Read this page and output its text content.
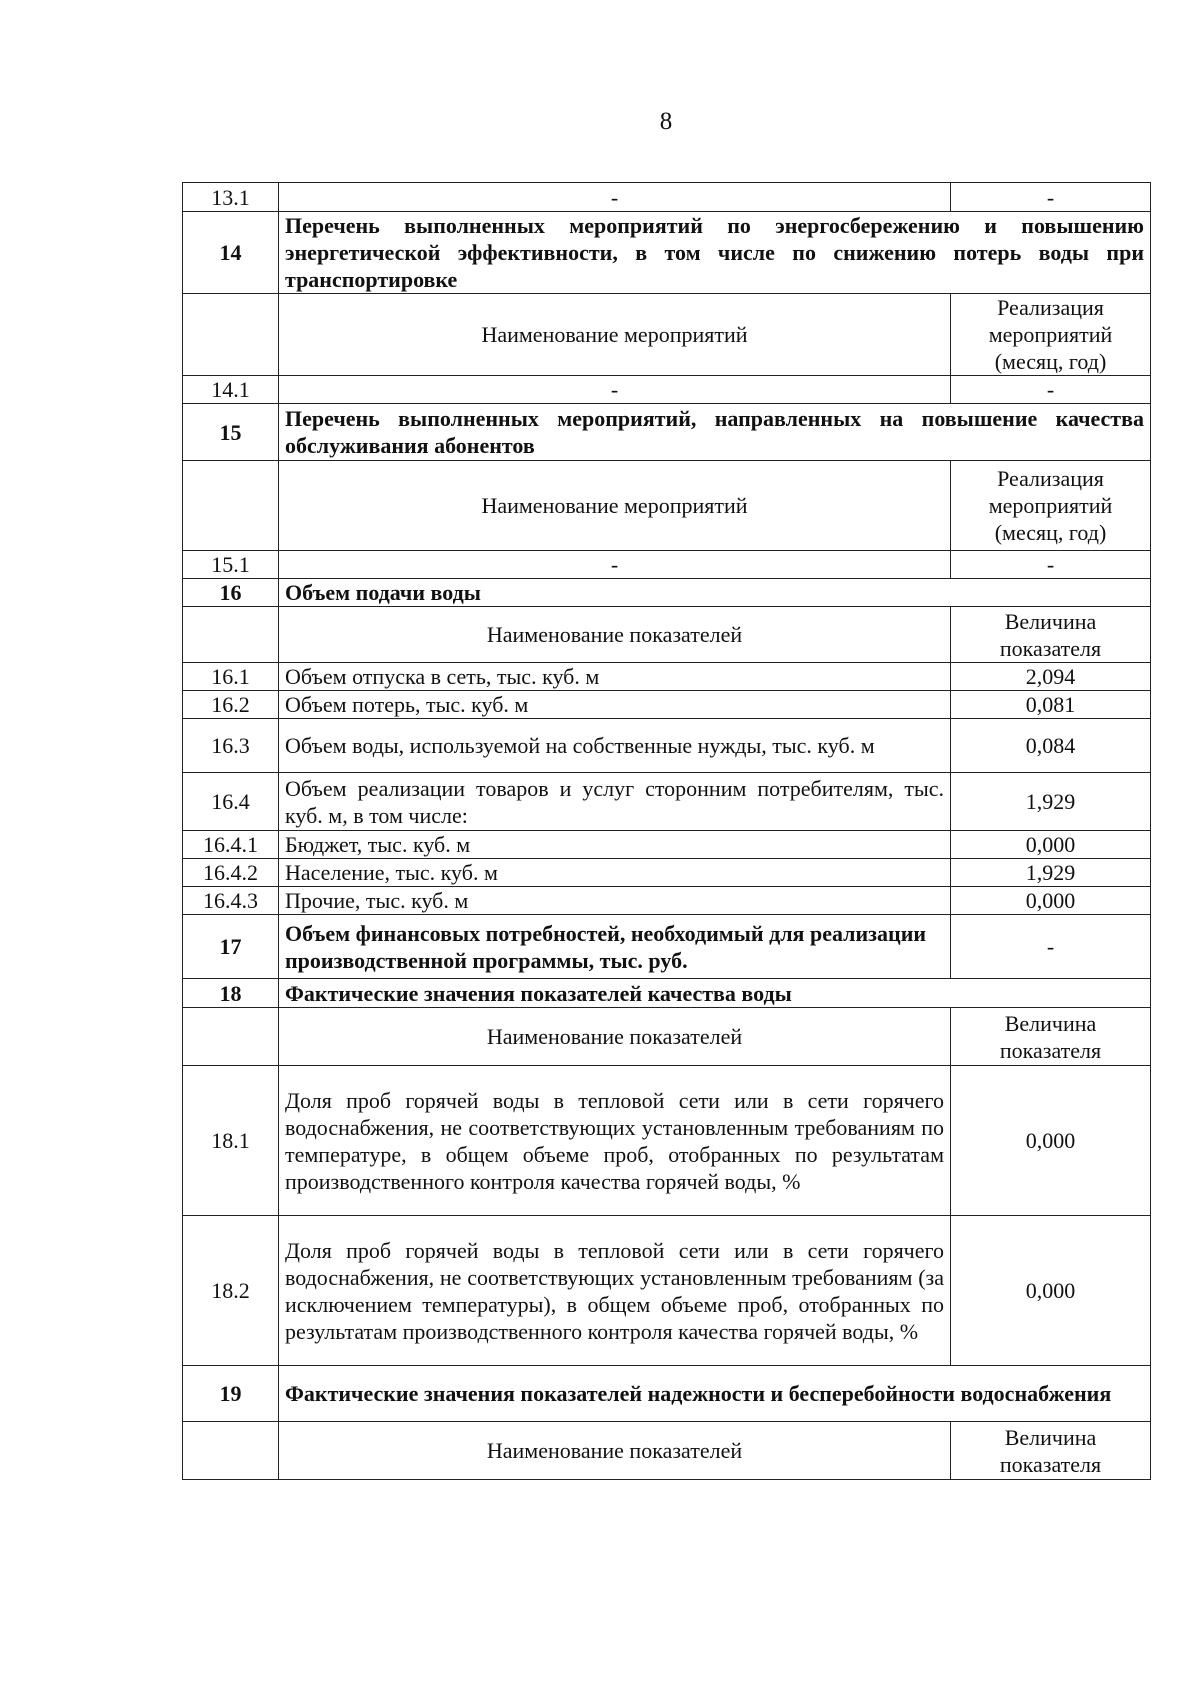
8
13.1	-	-
14	Перечень выполненных мероприятий по энергосбережению и повышению энергетической эффективности, в том числе по снижению потерь воды при транспортировке	
	Наименование мероприятий	Реализация мероприятий (месяц, год)
14.1	-	-
15	Перечень выполненных мероприятий, направленных на повышение качества обслуживания абонентов	
	Наименование мероприятий	Реализация мероприятий (месяц, год)
15.1	-	-
16	Объем подачи воды	
	Наименование показателей	Величина показателя
16.1	Объем отпуска в сеть, тыс. куб. м	2,094
16.2	Объем потерь, тыс. куб. м	0,081
16.3	Объем воды, используемой на собственные нужды, тыс. куб. м	0,084
16.4	Объем реализации товаров и услуг сторонним потребителям, тыс. куб. м, в том числе:	1,929
16.4.1	Бюджет, тыс. куб. м	0,000
16.4.2	Население, тыс. куб. м	1,929
16.4.3	Прочие, тыс. куб. м	0,000
17	Объем финансовых потребностей, необходимый для реализации производственной программы, тыс. руб.	-
18	Фактические значения показателей качества воды	
	Наименование показателей	Величина показателя
18.1	Доля проб горячей воды в тепловой сети или в сети горячего водоснабжения, не соответствующих установленным требованиям по температуре, в общем объеме проб, отобранных по результатам производственного контроля качества горячей воды, %	0,000
18.2	Доля проб горячей воды в тепловой сети или в сети горячего водоснабжения, не соответствующих установленным требованиям (за исключением температуры), в общем объеме проб, отобранных по результатам производственного контроля качества горячей воды, %	0,000
19	Фактические значения показателей надежности и бесперебойности водоснабжения	
	Наименование показателей	Величина показателя
